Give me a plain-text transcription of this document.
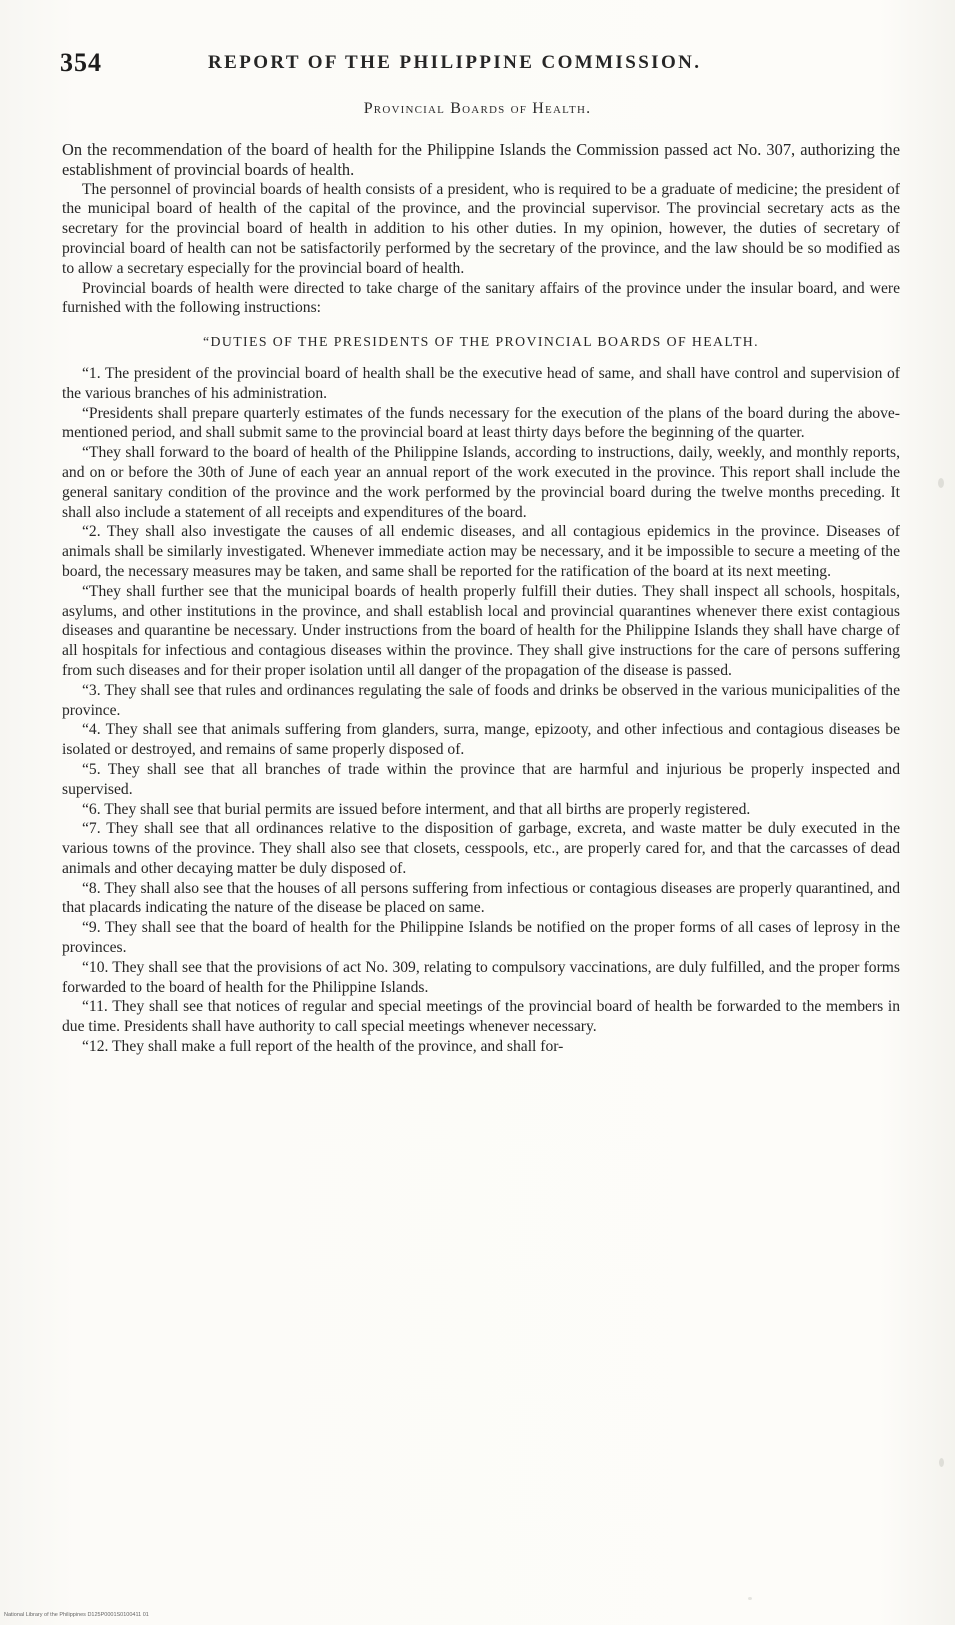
354	REPORT OF THE PHILIPPINE COMMISSION.
Provincial Boards of Health.

On the recommendation of the board of health for the Philippine Islands the Commission passed act No. 307, authorizing the establishment of provincial boards of health.

The personnel of provincial boards of health consists of a president, who is required to be a graduate of medicine; the president of the municipal board of health of the capital of the province, and the provincial supervisor. The provincial secretary acts as the secretary for the provincial board of health in addition to his other duties. In my opinion, however, the duties of secretary of provincial board of health can not be satisfactorily performed by the secretary of the province, and the law should be so modified as to allow a secretary especially for the provincial board of health.

Provincial boards of health were directed to take charge of the sanitary affairs of the province under the insular board, and were furnished with the following instructions:

“DUTIES OF THE PRESIDENTS OF THE PROVINCIAL BOARDS OF HEALTH.

“1. The president of the provincial board of health shall be the executive head of same, and shall have control and supervision of the various branches of his administration.

“Presidents shall prepare quarterly estimates of the funds necessary for the execution of the plans of the board during the above-mentioned period, and shall submit same to the provincial board at least thirty days before the beginning of the quarter.

“They shall forward to the board of health of the Philippine Islands, according to instructions, daily, weekly, and monthly reports, and on or before the 30th of June of each year an annual report of the work executed in the province. This report shall include the general sanitary condition of the province and the work performed by the provincial board during the twelve months preceding. It shall also include a statement of all receipts and expenditures of the board.

“2. They shall also investigate the causes of all endemic diseases, and all contagious epidemics in the province. Diseases of animals shall be similarly investigated. Whenever immediate action may be necessary, and it be impossible to secure a meeting of the board, the necessary measures may be taken, and same shall be reported for the ratification of the board at its next meeting.

“They shall further see that the municipal boards of health properly fulfill their duties. They shall inspect all schools, hospitals, asylums, and other institutions in the province, and shall establish local and provincial quarantines whenever there exist contagious diseases and quarantine be necessary. Under instructions from the board of health for the Philippine Islands they shall have charge of all hospitals for infectious and contagious diseases within the province. They shall give instructions for the care of persons suffering from such diseases and for their proper isolation until all danger of the propagation of the disease is passed.

“3. They shall see that rules and ordinances regulating the sale of foods and drinks be observed in the various municipalities of the province.

“4. They shall see that animals suffering from glanders, surra, mange, epizooty, and other infectious and contagious diseases be isolated or destroyed, and remains of same properly disposed of.

“5. They shall see that all branches of trade within the province that are harmful and injurious be properly inspected and supervised.

“6. They shall see that burial permits are issued before interment, and that all births are properly registered.

“7. They shall see that all ordinances relative to the disposition of garbage, excreta, and waste matter be duly executed in the various towns of the province. They shall also see that closets, cesspools, etc., are properly cared for, and that the carcasses of dead animals and other decaying matter be duly disposed of.

“8. They shall also see that the houses of all persons suffering from infectious or contagious diseases are properly quarantined, and that placards indicating the nature of the disease be placed on same.

“9. They shall see that the board of health for the Philippine Islands be notified on the proper forms of all cases of leprosy in the provinces.

“10. They shall see that the provisions of act No. 309, relating to compulsory vaccinations, are duly fulfilled, and the proper forms forwarded to the board of health for the Philippine Islands.

“11. They shall see that notices of regular and special meetings of the provincial board of health be forwarded to the members in due time. Presidents shall have authority to call special meetings whenever necessary.

“12. They shall make a full report of the health of the province, and shall for-

National Library of the Philippines D125P0001S0100411 01
